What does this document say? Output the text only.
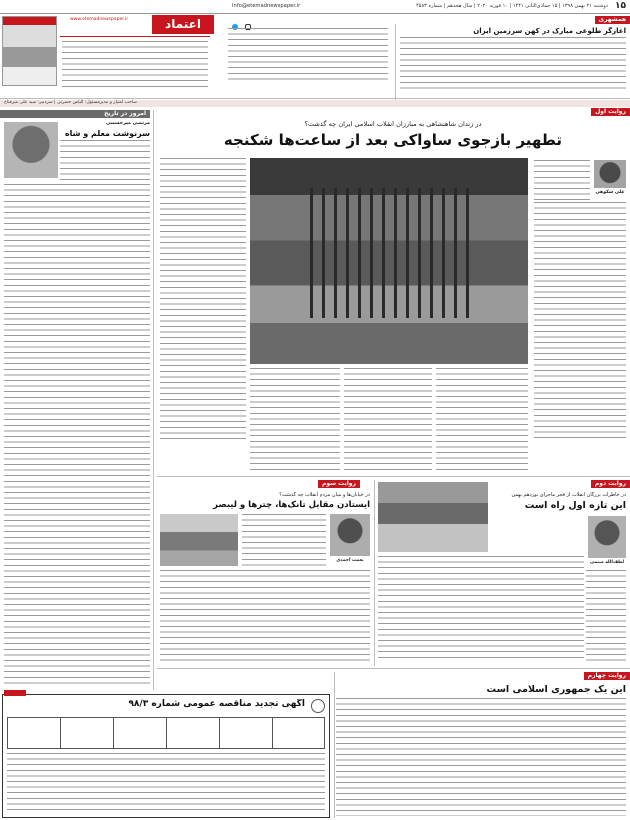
۱۵
دوشنبه ۲۱ بهمن ۱۳۹۸ | ۱۵ جمادی‌الثانی ۱۴۴۱ | ۱۰ فوریه ۲۰۲۰ | سال هجدهم | شماره ۴۵۸۳
Info@etemadnewspaper.ir
اعتماد
www.etemadnewspaper.ir
	همشهری
آغازگر طلوعی مبارک در کهن سرزمین ایران
صاحب امتیاز و مدیرمسئول: الیاس حضرتی | سردبیر: سید علی میرفتاح
امروز در تاریخ
مرتضی میرحسینی
سرنوشت معلم و شاه
روایت اول
در زندان شاهنشاهی به مبارزان انقلاب اسلامی ایران چه گذشت؟
تطهیر بازجوی ساواکی بعد از ساعت‌ها شکنجه
علی شکوهی
روایت دوم
در خاطرات بزرگان انقلاب از فجر ماجرای نوزدهم بهمن
این تازه اول راه است
لطف‌الله میثمی
روایت سوم
در خیابان‌ها و میان مردم انقلاب چه گذشت؟
ایستادن مقابل تانک‌ها، چترها و لیبصر
نعمت احمدی
روایت چهارم
این یک جمهوری اسلامی است
آگهی تجدید مناقصه عمومی شماره ۹۸/۳
